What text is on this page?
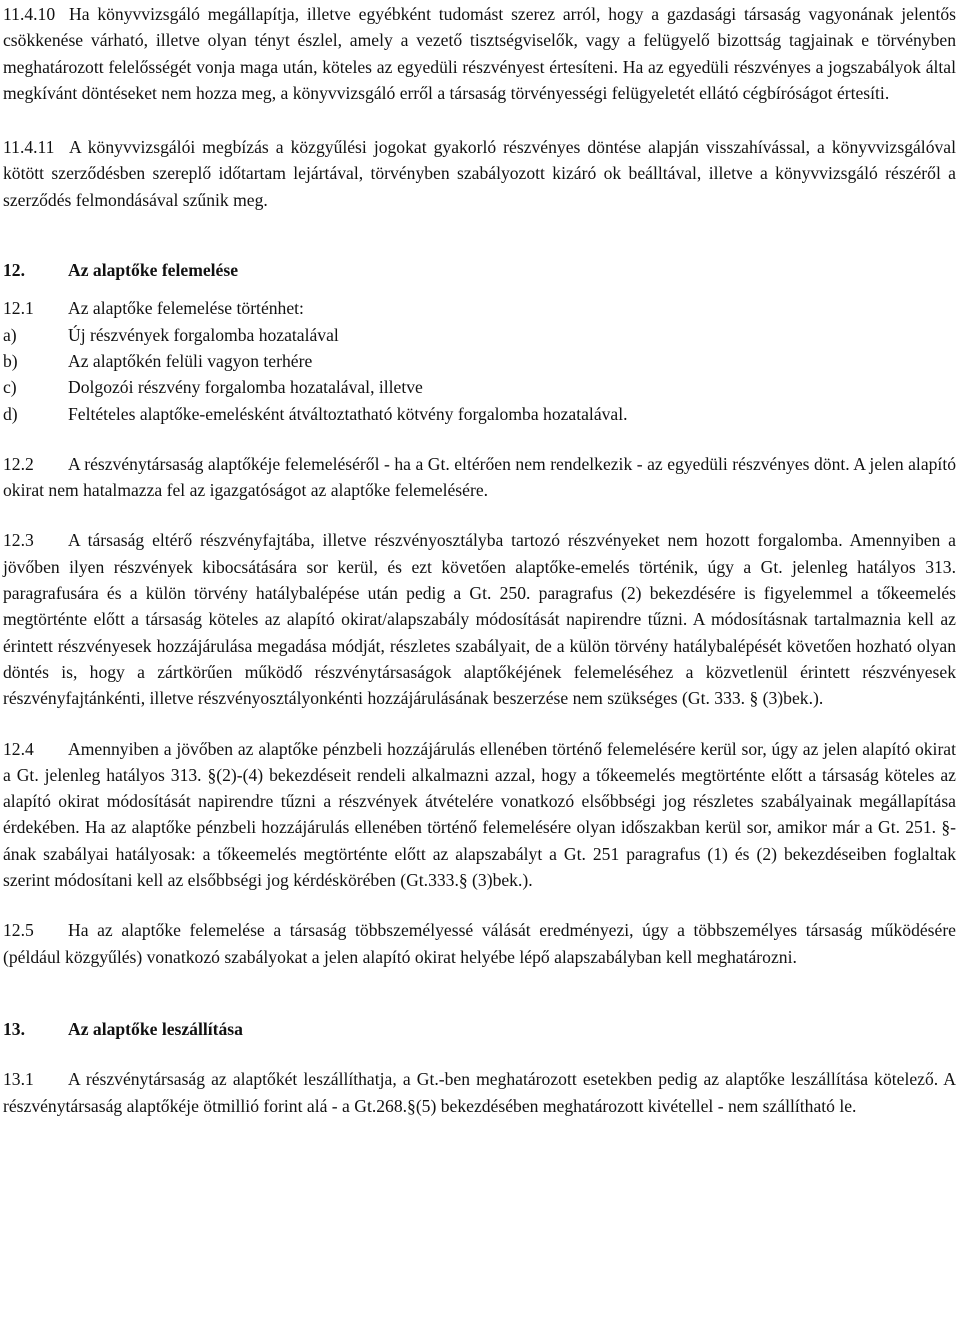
11.4.10 Ha könyvvizsgáló megállapítja, illetve egyébként tudomást szerez arról, hogy a gazdasági társaság vagyonának jelentős csökkenése várható, illetve olyan tényt észlel, amely a vezető tisztségviselők, vagy a felügyelő bizottság tagjainak e törvényben meghatározott felelősségét vonja maga után, köteles az egyedüli részvényest értesíteni. Ha az egyedüli részvényes a jogszabályok által megkívánt döntéseket nem hozza meg, a könyvvizsgáló erről a társaság törvényességi felügyeletét ellátó cégbíróságot értesíti.

11.4.11 A könyvvizsgálói megbízás a közgyűlési jogokat gyakorló részvényes döntése alapján visszahívással, a könyvvizsgálóval kötött szerződésben szereplő időtartam lejártával, törvényben szabályozott kizáró ok beálltával, illetve a könyvvizsgáló részéről a szerződés felmondásával szűnik meg.

12. Az alaptőke felemelése

12.1 Az alaptőke felemelése történhet:

a)	Új részvények forgalomba hozatalával

b)	Az alaptőkén felüli vagyon terhére

c)	Dolgozói részvény forgalomba hozatalával, illetve

d)	Feltételes alaptőke-emelésként átváltoztatható kötvény forgalomba hozatalával.

12.2 A részvénytársaság alaptőkéje felemeléséről - ha a Gt. eltérően nem rendelkezik - az egyedüli részvényes dönt. A jelen alapító okirat nem hatalmazza fel az igazgatóságot az alaptőke felemelésére.

12.3 A társaság eltérő részvényfajtába, illetve részvényosztályba tartozó részvényeket nem hozott forgalomba. Amennyiben a jövőben ilyen részvények kibocsátására sor kerül, és ezt követően alaptőke-emelés történik, úgy a Gt. jelenleg hatályos 313. paragrafusára és a külön törvény hatálybalépése után pedig a Gt. 250. paragrafus (2) bekezdésére is figyelemmel a tőkeemelés megtörténte előtt a társaság köteles az alapító okirat/alapszabály módosítását napirendre tűzni. A módosításnak tartalmaznia kell az érintett részvényesek hozzájárulása megadása módját, részletes szabályait, de a külön törvény hatálybalépését követően hozható olyan döntés is, hogy a zártkörűen működő részvénytársaságok alaptőkéjének felemeléséhez a közvetlenül érintett részvényesek részvényfajtánkénti, illetve részvényosztályonkénti hozzájárulásának beszerzése nem szükséges (Gt. 333. § (3)bek.).

12.4 Amennyiben a jövőben az alaptőke pénzbeli hozzájárulás ellenében történő felemelésére kerül sor, úgy az jelen alapító okirat a Gt. jelenleg hatályos 313. §(2)-(4) bekezdéseit rendeli alkalmazni azzal, hogy a tőkeemelés megtörténte előtt a társaság köteles az alapító okirat módosítását napirendre tűzni a részvények átvételére vonatkozó elsőbbségi jog részletes szabályainak megállapítása érdekében. Ha az alaptőke pénzbeli hozzájárulás ellenében történő felemelésére olyan időszakban kerül sor, amikor már a Gt. 251. §-ának szabályai hatályosak: a tőkeemelés megtörténte előtt az alapszabályt a Gt. 251 paragrafus (1) és (2) bekezdéseiben foglaltak szerint módosítani kell az elsőbbségi jog kérdéskörében (Gt.333.§ (3)bek.).

12.5 Ha az alaptőke felemelése a társaság többszemélyessé válását eredményezi, úgy a többszemélyes társaság működésére (például közgyűlés) vonatkozó szabályokat a jelen alapító okirat helyébe lépő alapszabályban kell meghatározni.

13. Az alaptőke leszállítása

13.1 A részvénytársaság az alaptőkét leszállíthatja, a Gt.-ben meghatározott esetekben pedig az alaptőke leszállítása kötelező. A részvénytársaság alaptőkéje ötmillió forint alá - a Gt.268.§(5) bekezdésében meghatározott kivétellel - nem szállítható le.
